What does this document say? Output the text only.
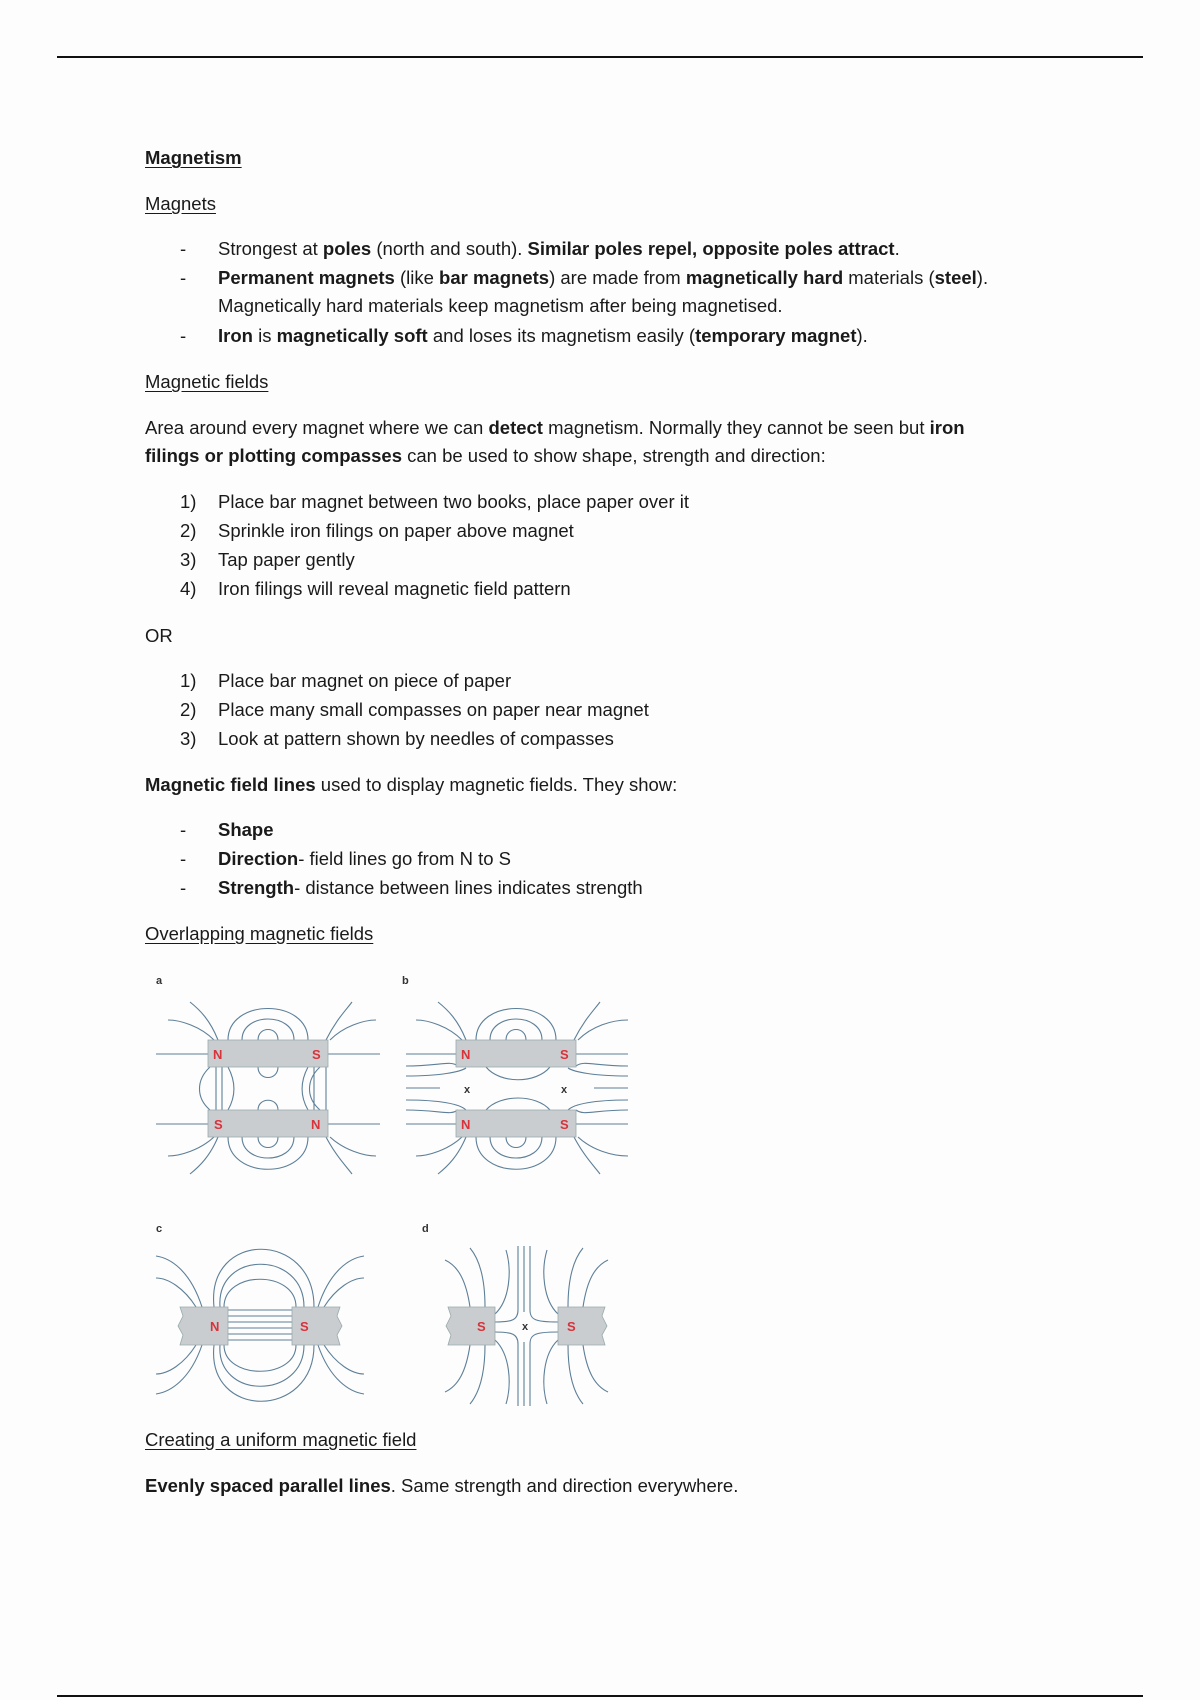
Magnetism
Magnets
- Strongest at poles (north and south). Similar poles repel, opposite poles attract.
- Permanent magnets (like bar magnets) are made from magnetically hard materials (steel).
Magnetically hard materials keep magnetism after being magnetised.
- Iron is magnetically soft and loses its magnetism easily (temporary magnet).
Magnetic fields
Area around every magnet where we can detect magnetism. Normally they cannot be seen but iron
filings or plotting compasses can be used to show shape, strength and direction:
1) Place bar magnet between two books, place paper over it
2) Sprinkle iron filings on paper above magnet
3) Tap paper gently
4) Iron filings will reveal magnetic field pattern
OR
1) Place bar magnet on piece of paper
2) Place many small compasses on paper near magnet
3) Look at pattern shown by needles of compasses
Magnetic field lines used to display magnetic fields. They show:
- Shape
- Direction- field lines go from N to S
- Strength- distance between lines indicates strength
Overlapping magnetic fields
a
N	S
S	N
b
N	S
N	S
x	x
c
N	S
d
S	S
x
Creating a uniform magnetic field
Evenly spaced parallel lines. Same strength and direction everywhere.
